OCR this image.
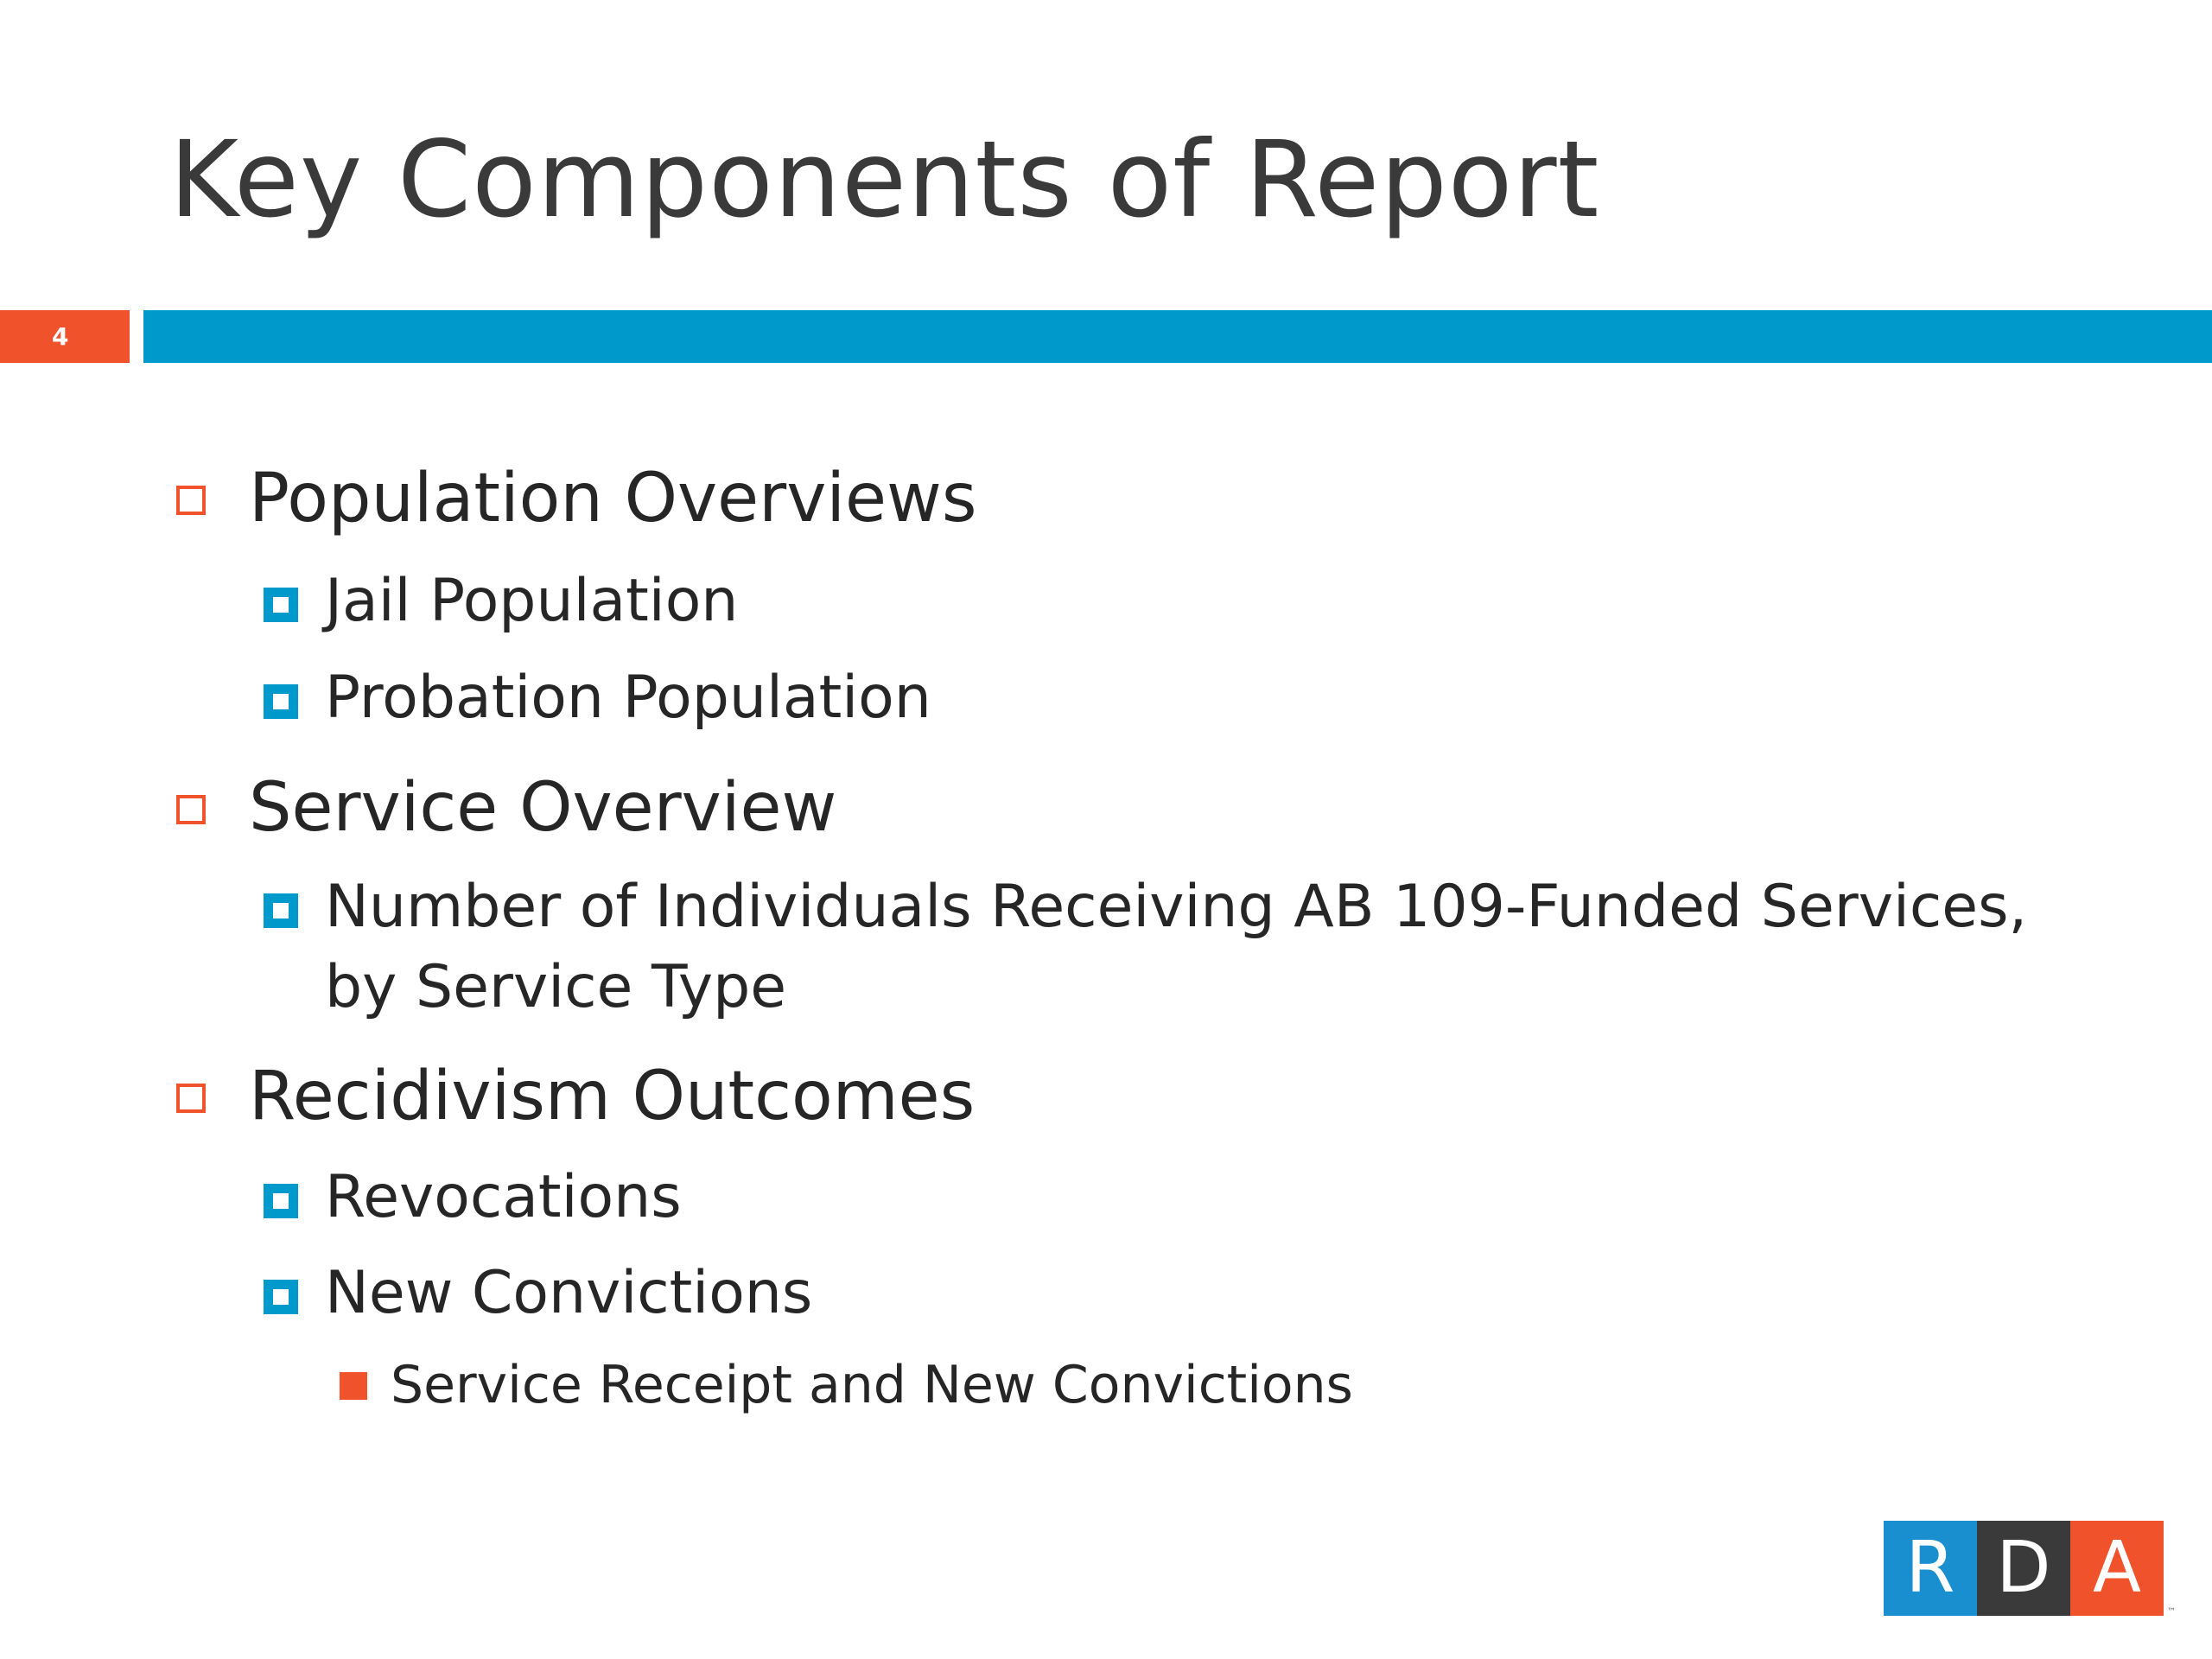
Key Components of Report
4
Population Overviews
Jail Population
Probation Population
Service Overview
Number of Individuals Receiving AB 109-Funded Services,
by Service Type
Recidivism Outcomes
Revocations
New Convictions
Service Receipt and New Convictions
R D A
™
